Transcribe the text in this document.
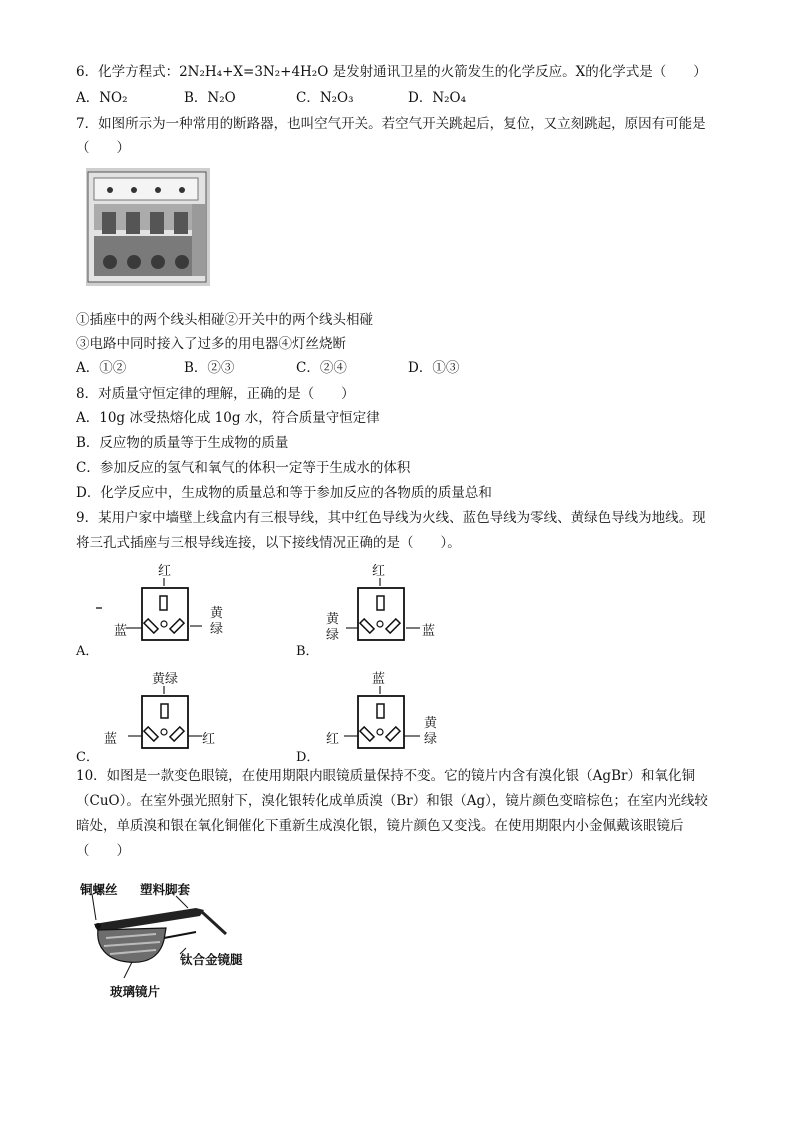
6．化学方程式：2N₂H₄+X=3N₂+4H₂O 是发射通讯卫星的火箭发生的化学反应。X的化学式是（　　）
A．NO₂	B．N₂O	C．N₂O₃	D．N₂O₄
7．如图所示为一种常用的断路器，也叫空气开关。若空气开关跳起后，复位，又立刻跳起，原因有可能是
（　　）
①插座中的两个线头相碰②开关中的两个线头相碰
③电路中同时接入了过多的用电器④灯丝烧断
A．①②	B．②③	C．②④	D．①③
8．对质量守恒定律的理解，正确的是（　　）
A．10g 冰受热熔化成 10g 水，符合质量守恒定律
B．反应物的质量等于生成物的质量
C．参加反应的氢气和氧气的体积一定等于生成水的体积
D．化学反应中，生成物的质量总和等于参加反应的各物质的质量总和
9．某用户家中墙壁上线盒内有三根导线，其中红色导线为火线、蓝色导线为零线、黄绿色导线为地线。现
将三孔式插座与三根导线连接，以下接线情况正确的是（　　）。
A．
红
蓝
黄
绿
B．
红
黄
绿	蓝
C．
黄绿
蓝	红
D．
蓝
红
黄
绿
10．如图是一款变色眼镜，在使用期限内眼镜质量保持不变。它的镜片内含有溴化银（AgBr）和氧化铜
（CuO）。在室外强光照射下，溴化银转化成单质溴（Br）和银（Ag），镜片颜色变暗棕色；在室内光线较
暗处，单质溴和银在氧化铜催化下重新生成溴化银，镜片颜色又变浅。在使用期限内小金佩戴该眼镜后
（　　）
铜螺丝 塑料脚套
钛合金镜腿
玻璃镜片
